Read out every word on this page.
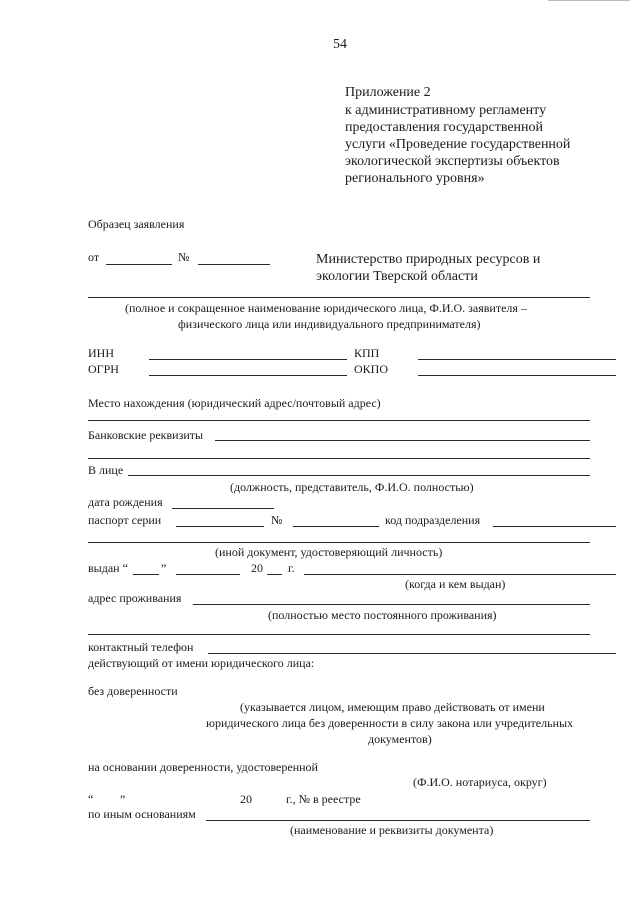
54
Приложение 2
к административному регламенту
предоставления государственной
услуги «Проведение государственной
экологической экспертизы объектов
регионального уровня»
Образец заявления
от	№	Министерство природных ресурсов и
экологии Тверской области
(полное и сокращенное наименование юридического лица, Ф.И.О. заявителя –
физического лица или индивидуального предпринимателя)
ИНН	КПП
ОГРН	ОКПО
Место нахождения (юридический адрес/почтовый адрес)
Банковские реквизиты
В лице
(должность, представитель, Ф.И.О. полностью)
дата рождения
паспорт серии	№	код подразделения
(иной документ, удостоверяющий личность)
выдан “	”	20 г.
(когда и кем выдан)
адрес проживания
(полностью место постоянного проживания)
контактный телефон
действующий от имени юридического лица:
без доверенности
(указывается лицом, имеющим право действовать от имени
юридического лица без доверенности в силу закона или учредительных
документов)
на основании доверенности, удостоверенной
(Ф.И.О. нотариуса, округ)
“ ”	20	г., № в реестре
по иным основаниям
(наименование и реквизиты документа)
